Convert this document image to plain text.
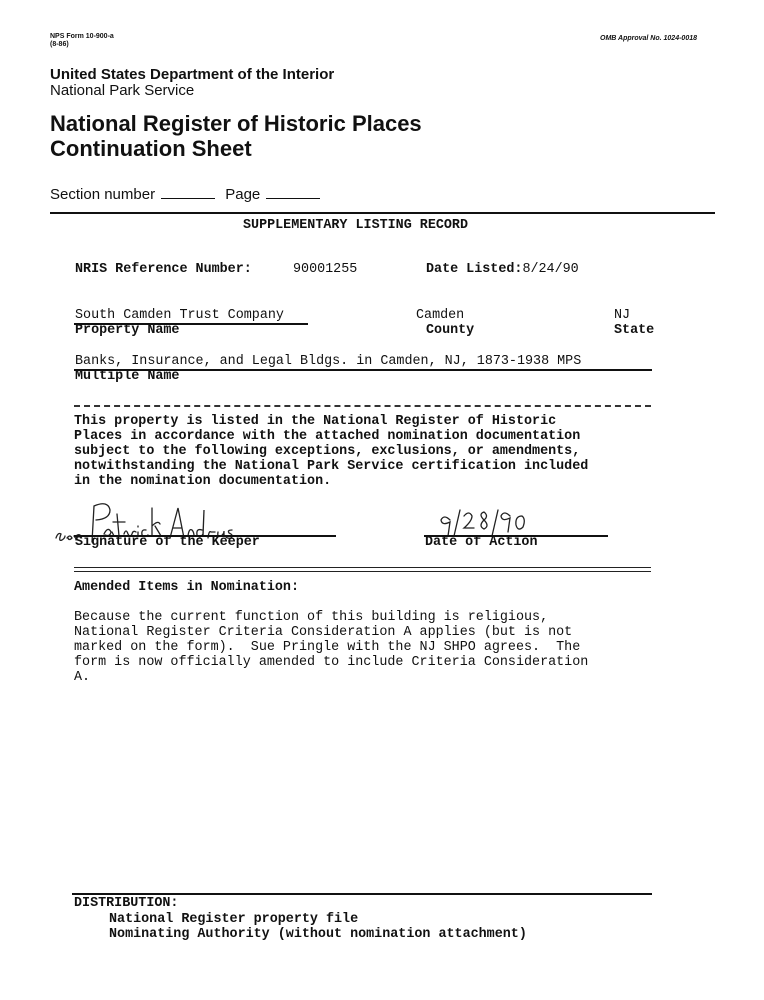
NPS Form 10-900-a
(8-86)
OMB Approval No. 1024-0018
United States Department of the Interior
National Park Service
National Register of Historic Places
Continuation Sheet
Section number	Page
SUPPLEMENTARY LISTING RECORD
NRIS Reference Number:	90001255	Date Listed:8/24/90
South Camden Trust Company
Property Name
Camden
County
NJ
State
Banks, Insurance, and Legal Bldgs. in Camden, NJ, 1873-1938 MPS
Multiple Name
This property is listed in the National Register of Historic
Places in accordance with the attached nomination documentation
subject to the following exceptions, exclusions, or amendments,
notwithstanding the National Park Service certification included
in the nomination documentation.
Signature of the Keeper	Date of Action
Amended Items in Nomination:
Because the current function of this building is religious,
National Register Criteria Consideration A applies (but is not
marked on the form).  Sue Pringle with the NJ SHPO agrees.  The
form is now officially amended to include Criteria Consideration
A.
DISTRIBUTION:
National Register property file
Nominating Authority (without nomination attachment)
